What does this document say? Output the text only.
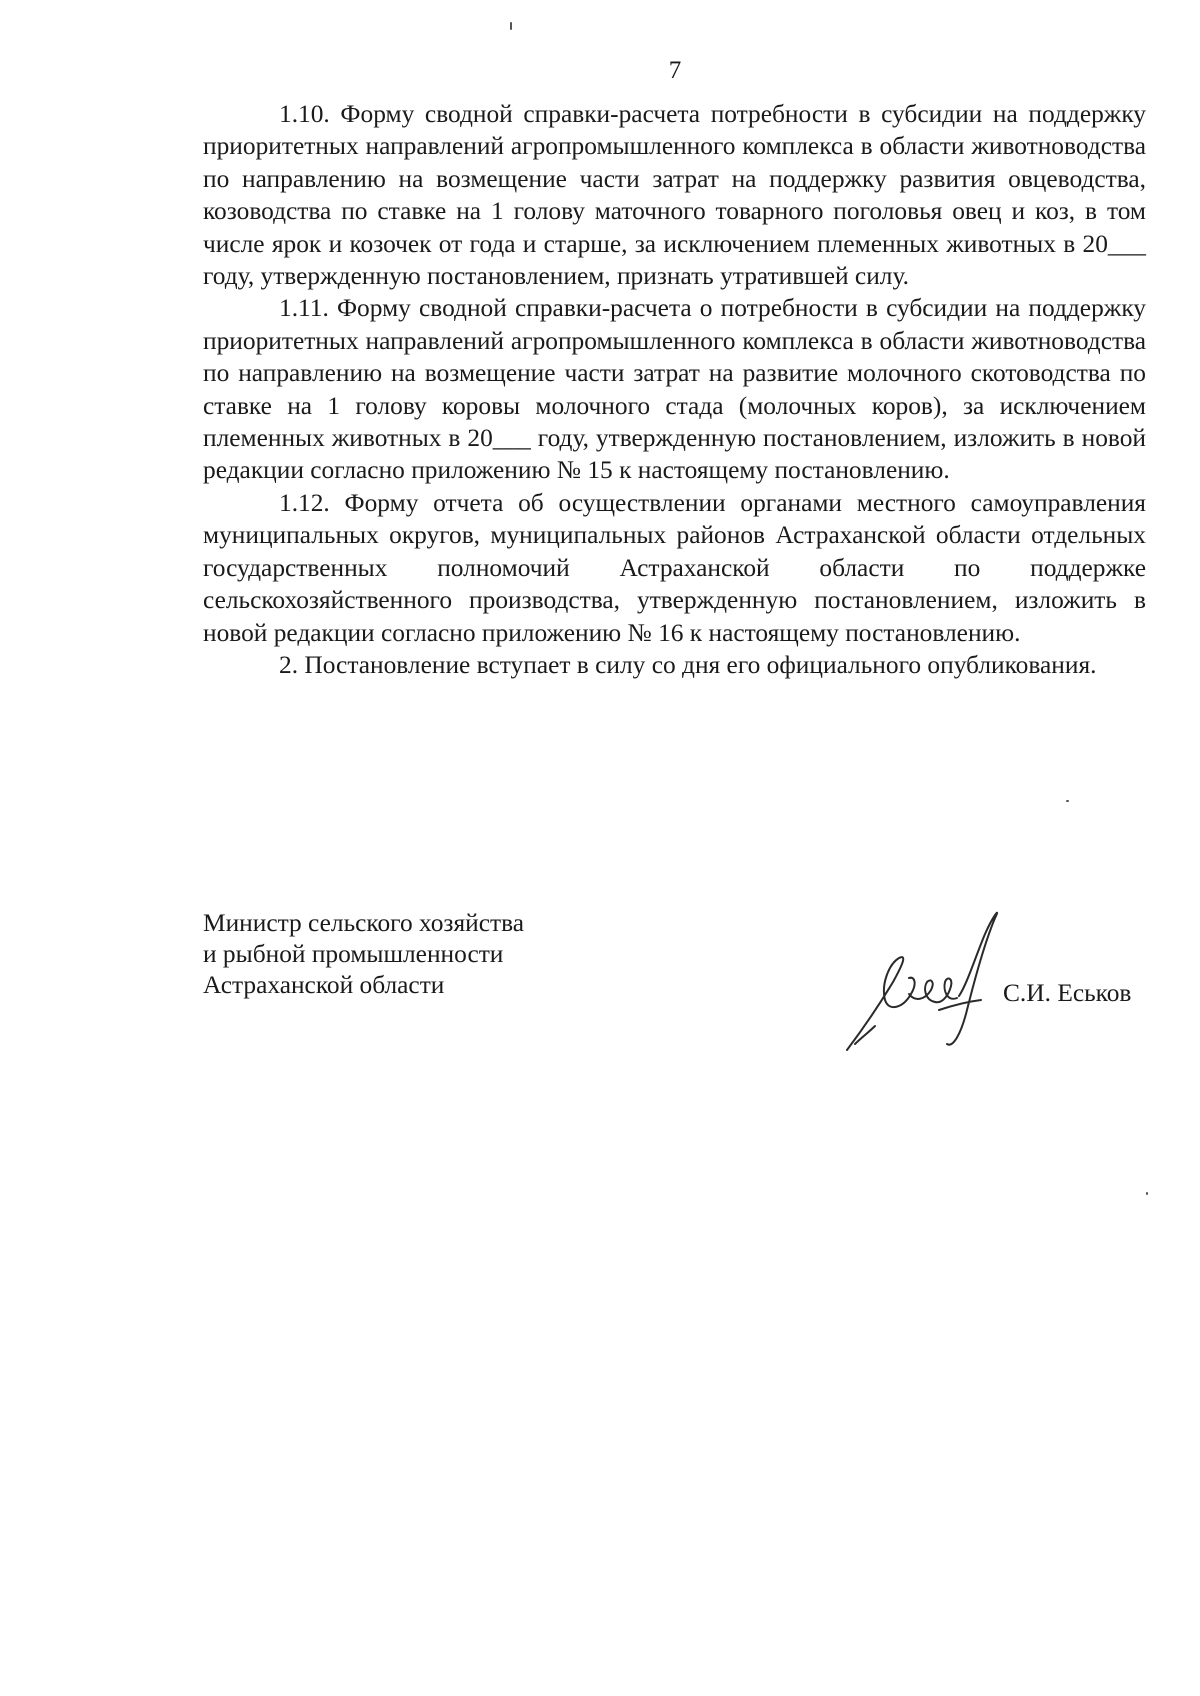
7

1.10. Форму сводной справки-расчета потребности в субсидии на поддержку приоритетных направлений агропромышленного комплекса в области животноводства по направлению на возмещение части затрат на поддержку развития овцеводства, козоводства по ставке на 1 голову маточного товарного поголовья овец и коз, в том числе ярок и козочек от года и старше, за исключением племенных животных в 20___ году, утвержденную постановлением, признать утратившей силу.

1.11. Форму сводной справки-расчета о потребности в субсидии на поддержку приоритетных направлений агропромышленного комплекса в области животноводства по направлению на возмещение части затрат на развитие молочного скотоводства по ставке на 1 голову коровы молочного стада (молочных коров), за исключением племенных животных в 20___ году, утвержденную постановлением, изложить в новой редакции согласно приложению № 15 к настоящему постановлению.

1.12. Форму отчета об осуществлении органами местного самоуправления муниципальных округов, муниципальных районов Астраханской области отдельных государственных полномочий Астраханской области по поддержке сельскохозяйственного производства, утвержденную постановлением, изложить в новой редакции согласно приложению № 16 к настоящему постановлению.

2. Постановление вступает в силу со дня его официального опубликования.

Министр сельского хозяйства
и рыбной промышленности
Астраханской области	С.И. Еськов
